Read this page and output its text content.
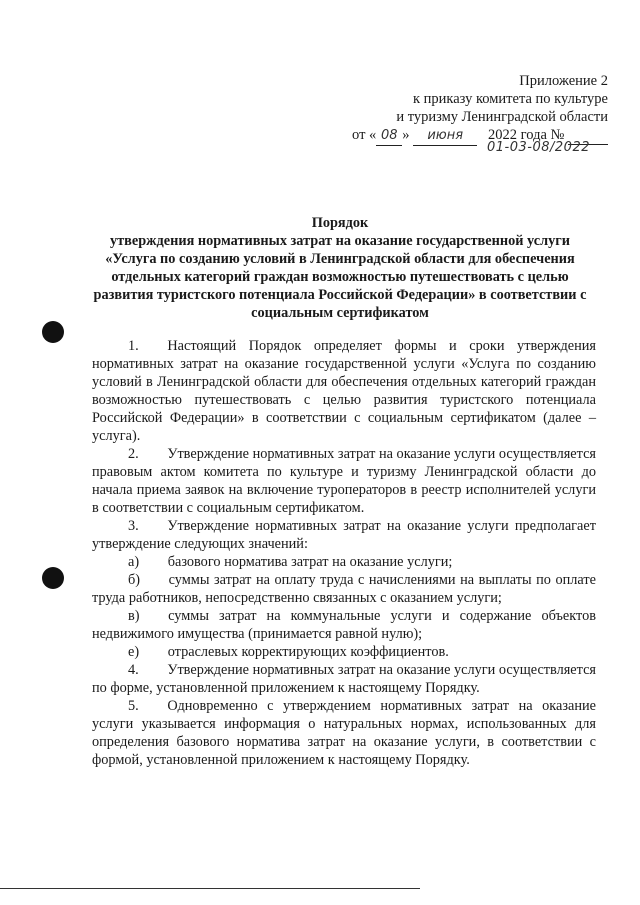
Приложение 2
к приказу комитета по культуре
и туризму Ленинградской области
от « 08 » июня 2022 года №
01-03-08/2022
Порядок
утверждения нормативных затрат на оказание государственной услуги «Услуга по созданию условий в Ленинградской области для обеспечения отдельных категорий граждан возможностью путешествовать с целью развития туристского потенциала Российской Федерации» в соответствии с социальным сертификатом

1.  Настоящий Порядок определяет формы и сроки утверждения нормативных затрат на оказание государственной услуги «Услуга по созданию условий в Ленинградской области для обеспечения отдельных категорий граждан возможностью путешествовать с целью развития туристского потенциала Российской Федерации» в соответствии с социальным сертификатом (далее – услуга).

2.  Утверждение нормативных затрат на оказание услуги осуществляется правовым актом комитета по культуре и туризму Ленинградской области до начала приема заявок на включение туроператоров в реестр исполнителей услуги в соответствии с социальным сертификатом.

3.  Утверждение нормативных затрат на оказание услуги предполагает утверждение следующих значений:

а)  базового норматива затрат на оказание услуги;

б)  суммы затрат на оплату труда с начислениями на выплаты по оплате труда работников, непосредственно связанных с оказанием услуги;

в)  суммы затрат на коммунальные услуги и содержание объектов недвижимого имущества (принимается равной нулю);

е)  отраслевых корректирующих коэффициентов.

4.  Утверждение нормативных затрат на оказание услуги осуществляется по форме, установленной приложением к настоящему Порядку.

5.  Одновременно с утверждением нормативных затрат на оказание услуги указывается информация о натуральных нормах, использованных для определения базового норматива затрат на оказание услуги, в соответствии с формой, установленной приложением к настоящему Порядку.
